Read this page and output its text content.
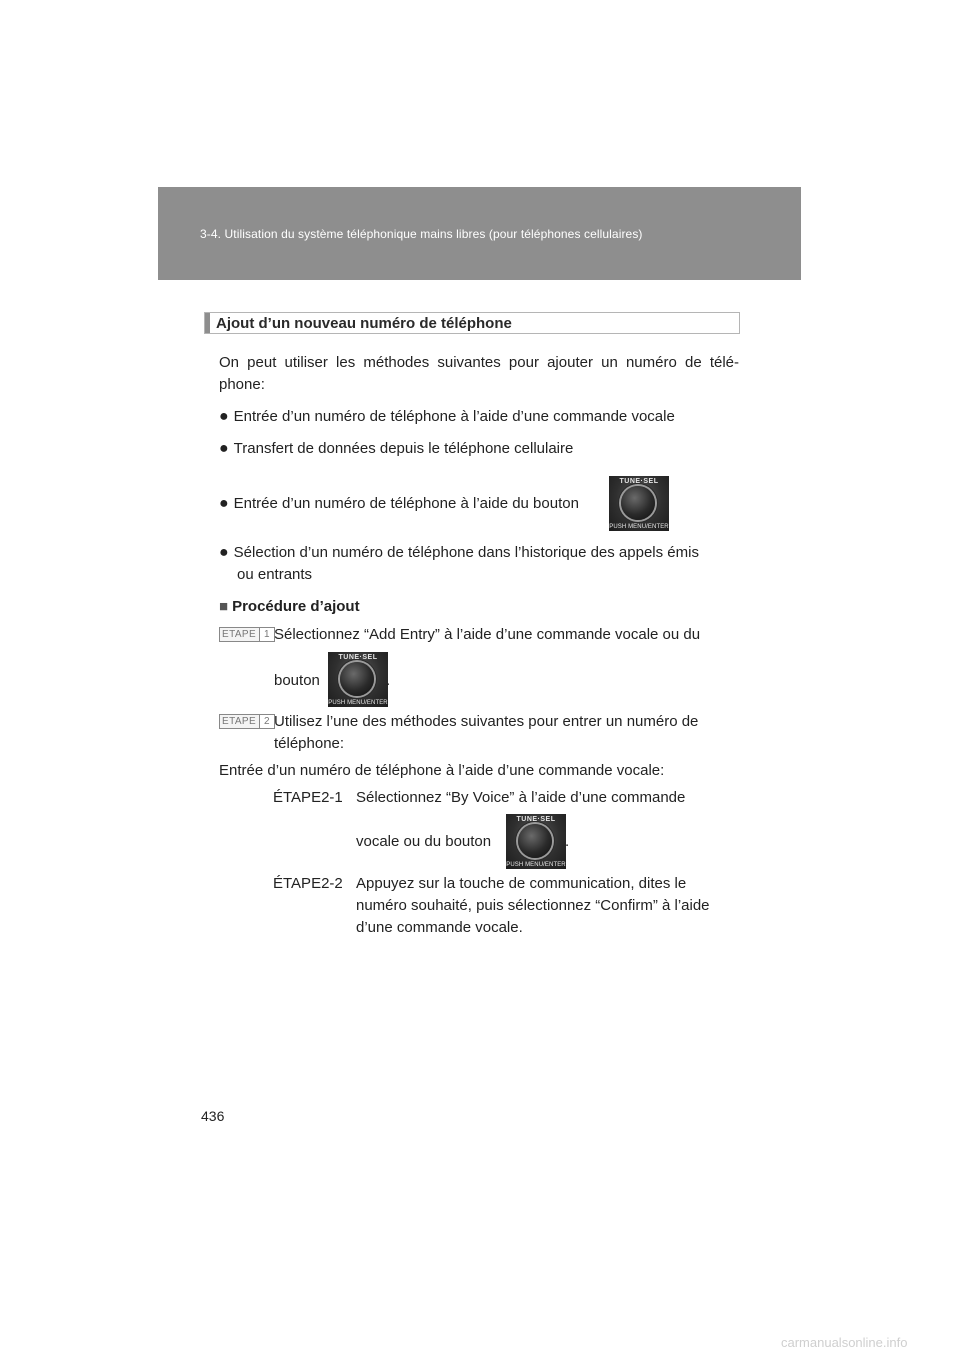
3-4. Utilisation du système téléphonique mains libres (pour téléphones cellulaires)
Ajout d’un nouveau numéro de téléphone
On peut utiliser les méthodes suivantes pour ajouter un numéro de télé-phone:
● Entrée d’un numéro de téléphone à l’aide d’une commande vocale
● Transfert de données depuis le téléphone cellulaire
● Entrée d’un numéro de téléphone à l’aide du bouton
TUNE·SEL
PUSH MENU/ENTER
● Sélection d’un numéro de téléphone dans l’historique des appels émis
ou entrants
■ Procédure d’ajout
ETAPE 1 Sélectionnez “Add Entry” à l’aide d’une commande vocale ou du
bouton
TUNE·SEL
PUSH MENU/ENTER
.
ETAPE 2 Utilisez l’une des méthodes suivantes pour entrer un numéro de
téléphone:
Entrée d’un numéro de téléphone à l’aide d’une commande vocale:
ÉTAPE2-1 Sélectionnez “By Voice” à l’aide d’une commande
vocale ou du bouton
TUNE·SEL
PUSH MENU/ENTER
.
ÉTAPE2-2 Appuyez sur la touche de communication, dites le
numéro souhaité, puis sélectionnez “Confirm” à l’aide
d’une commande vocale.
436
carmanualsonline.info
